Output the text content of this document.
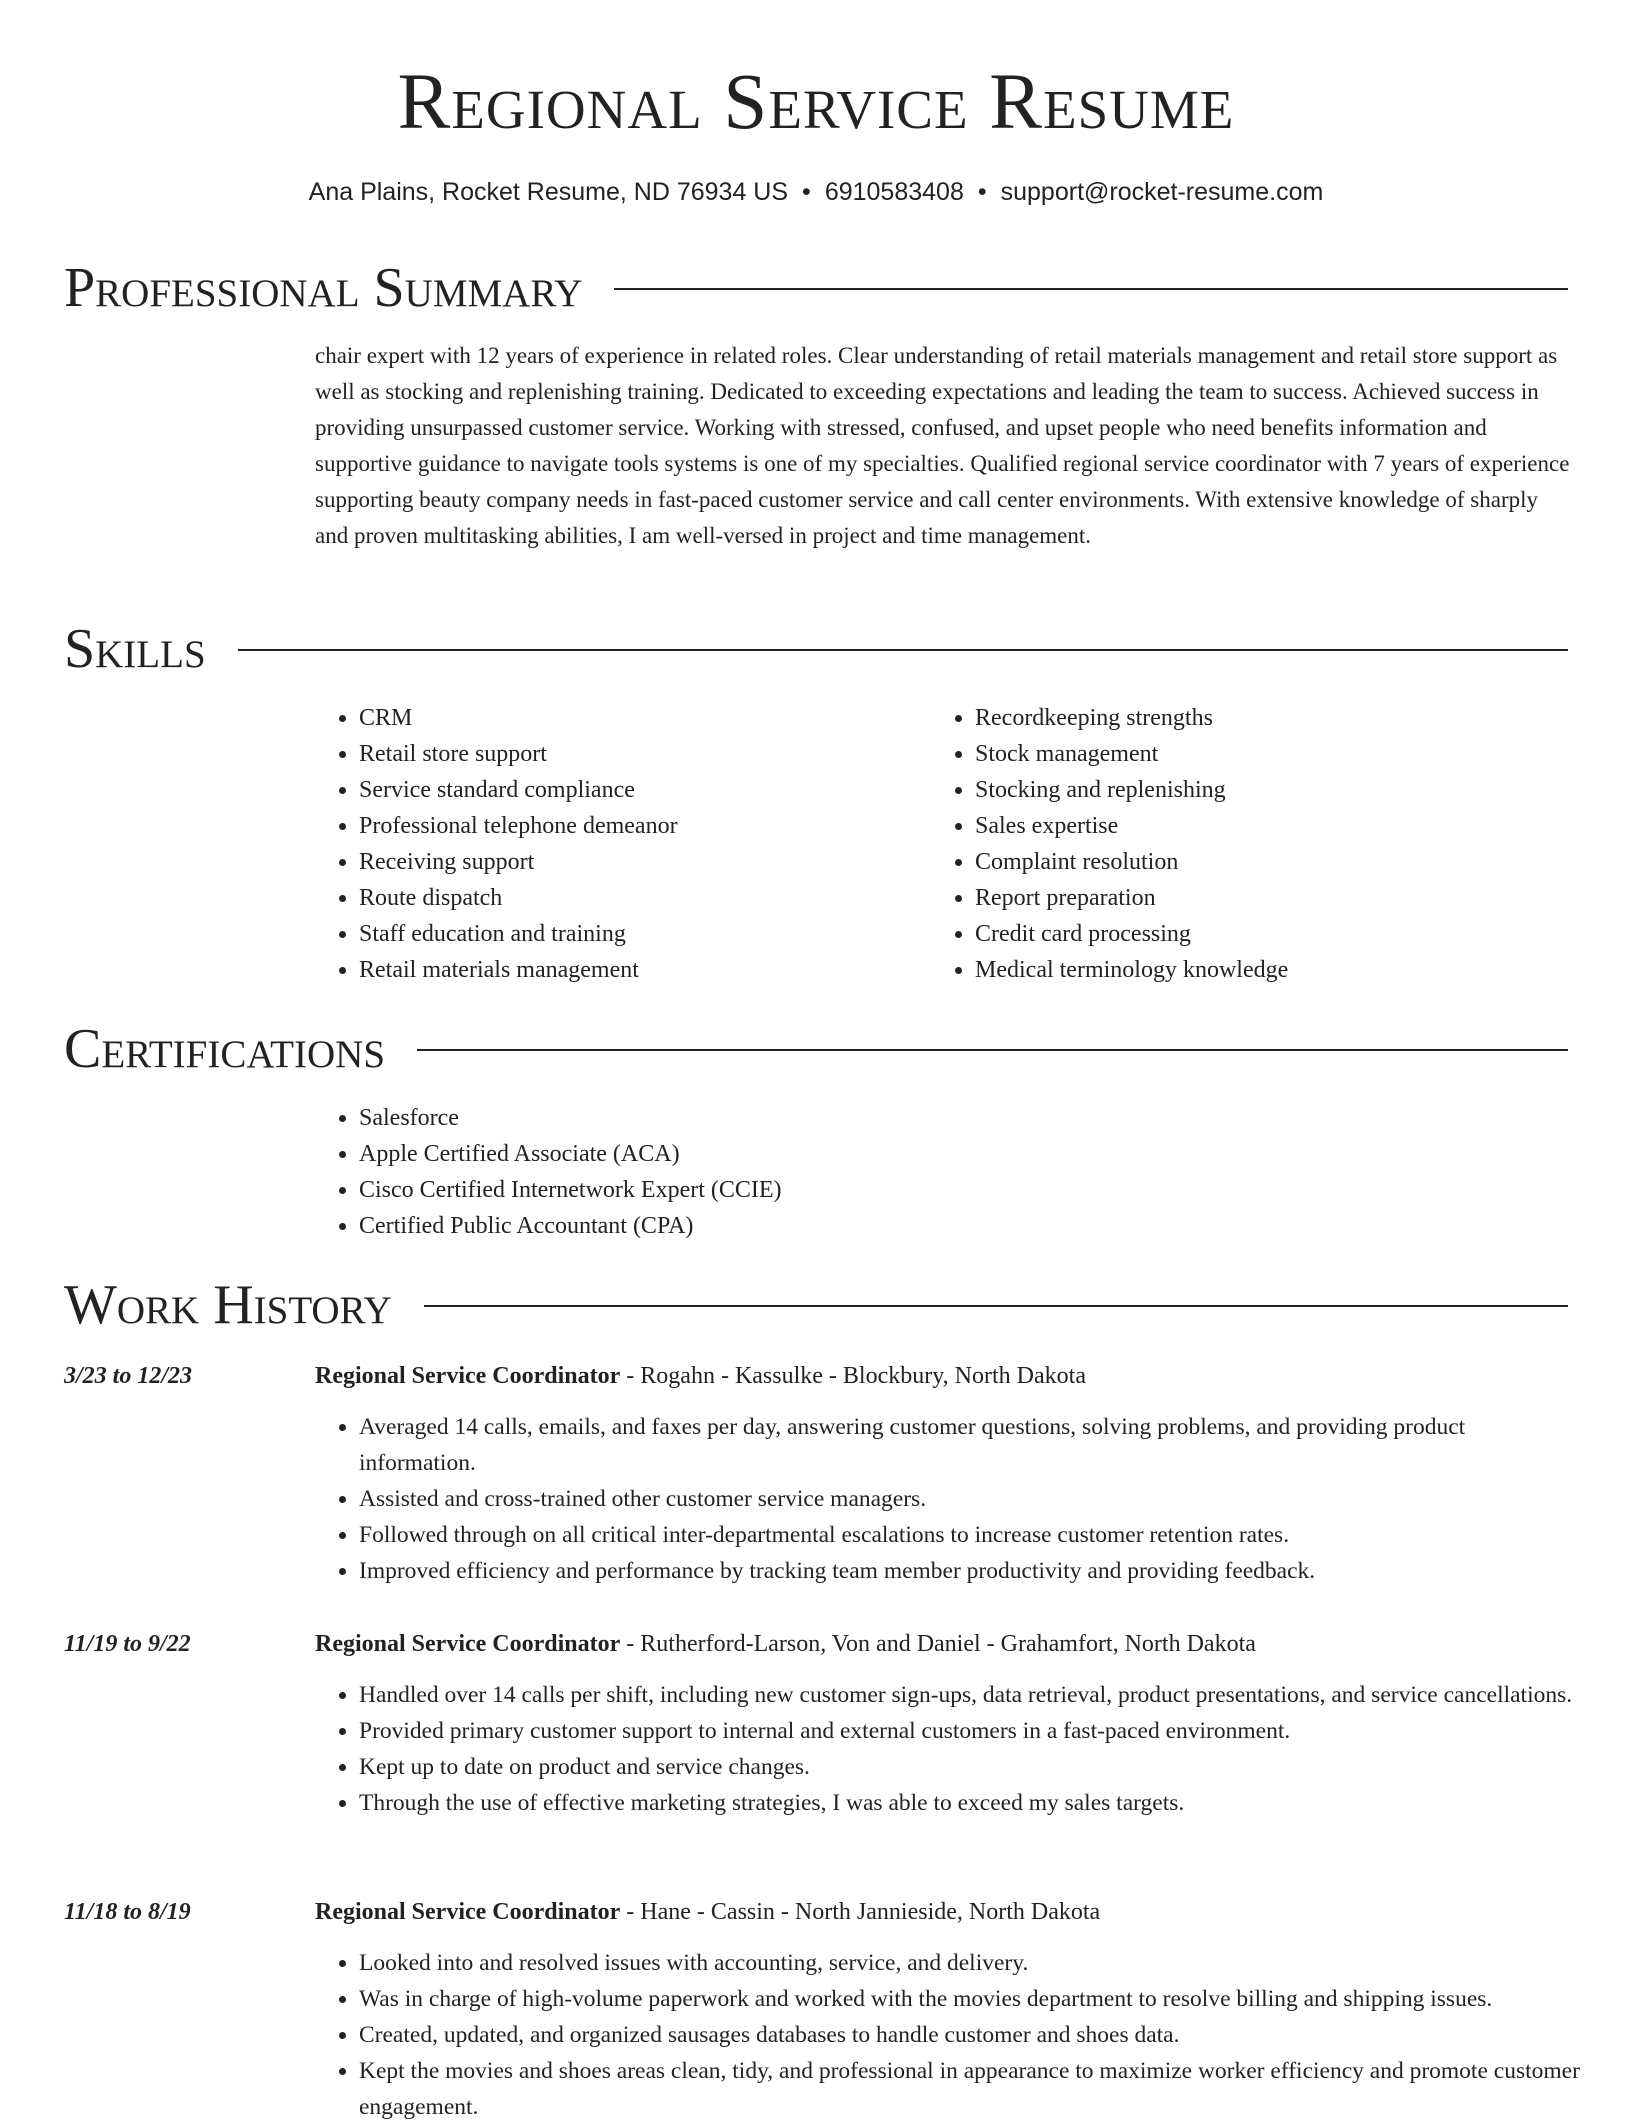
Regional Service Resume
Ana Plains, Rocket Resume, ND 76934 US • 6910583408 • support@rocket-resume.com
Professional Summary

chair expert with 12 years of experience in related roles. Clear understanding of retail materials management and retail store support as well as stocking and replenishing training. Dedicated to exceeding expectations and leading the team to success. Achieved success in providing unsurpassed customer service. Working with stressed, confused, and upset people who need benefits information and supportive guidance to navigate tools systems is one of my specialties. Qualified regional service coordinator with 7 years of experience supporting beauty company needs in fast-paced customer service and call center environments. With extensive knowledge of sharply and proven multitasking abilities, I am well-versed in project and time management.

Skills
• CRM
• Retail store support
• Service standard compliance
• Professional telephone demeanor
• Receiving support
• Route dispatch
• Staff education and training
• Retail materials management
• Recordkeeping strengths
• Stock management
• Stocking and replenishing
• Sales expertise
• Complaint resolution
• Report preparation
• Credit card processing
• Medical terminology knowledge
Certifications
• Salesforce
• Apple Certified Associate (ACA)
• Cisco Certified Internetwork Expert (CCIE)
• Certified Public Accountant (CPA)
Work History
3/23 to 12/23	Regional Service Coordinator - Rogahn - Kassulke - Blockbury, North Dakota
• Averaged 14 calls, emails, and faxes per day, answering customer questions, solving problems, and providing product information.
• Assisted and cross-trained other customer service managers.
• Followed through on all critical inter-departmental escalations to increase customer retention rates.
• Improved efficiency and performance by tracking team member productivity and providing feedback.
11/19 to 9/22	Regional Service Coordinator - Rutherford-Larson, Von and Daniel - Grahamfort, North Dakota
• Handled over 14 calls per shift, including new customer sign-ups, data retrieval, product presentations, and service cancellations.
• Provided primary customer support to internal and external customers in a fast-paced environment.
• Kept up to date on product and service changes.
• Through the use of effective marketing strategies, I was able to exceed my sales targets.
11/18 to 8/19	Regional Service Coordinator - Hane - Cassin - North Jannieside, North Dakota
• Looked into and resolved issues with accounting, service, and delivery.
• Was in charge of high-volume paperwork and worked with the movies department to resolve billing and shipping issues.
• Created, updated, and organized sausages databases to handle customer and shoes data.
• Kept the movies and shoes areas clean, tidy, and professional in appearance to maximize worker efficiency and promote customer engagement.
